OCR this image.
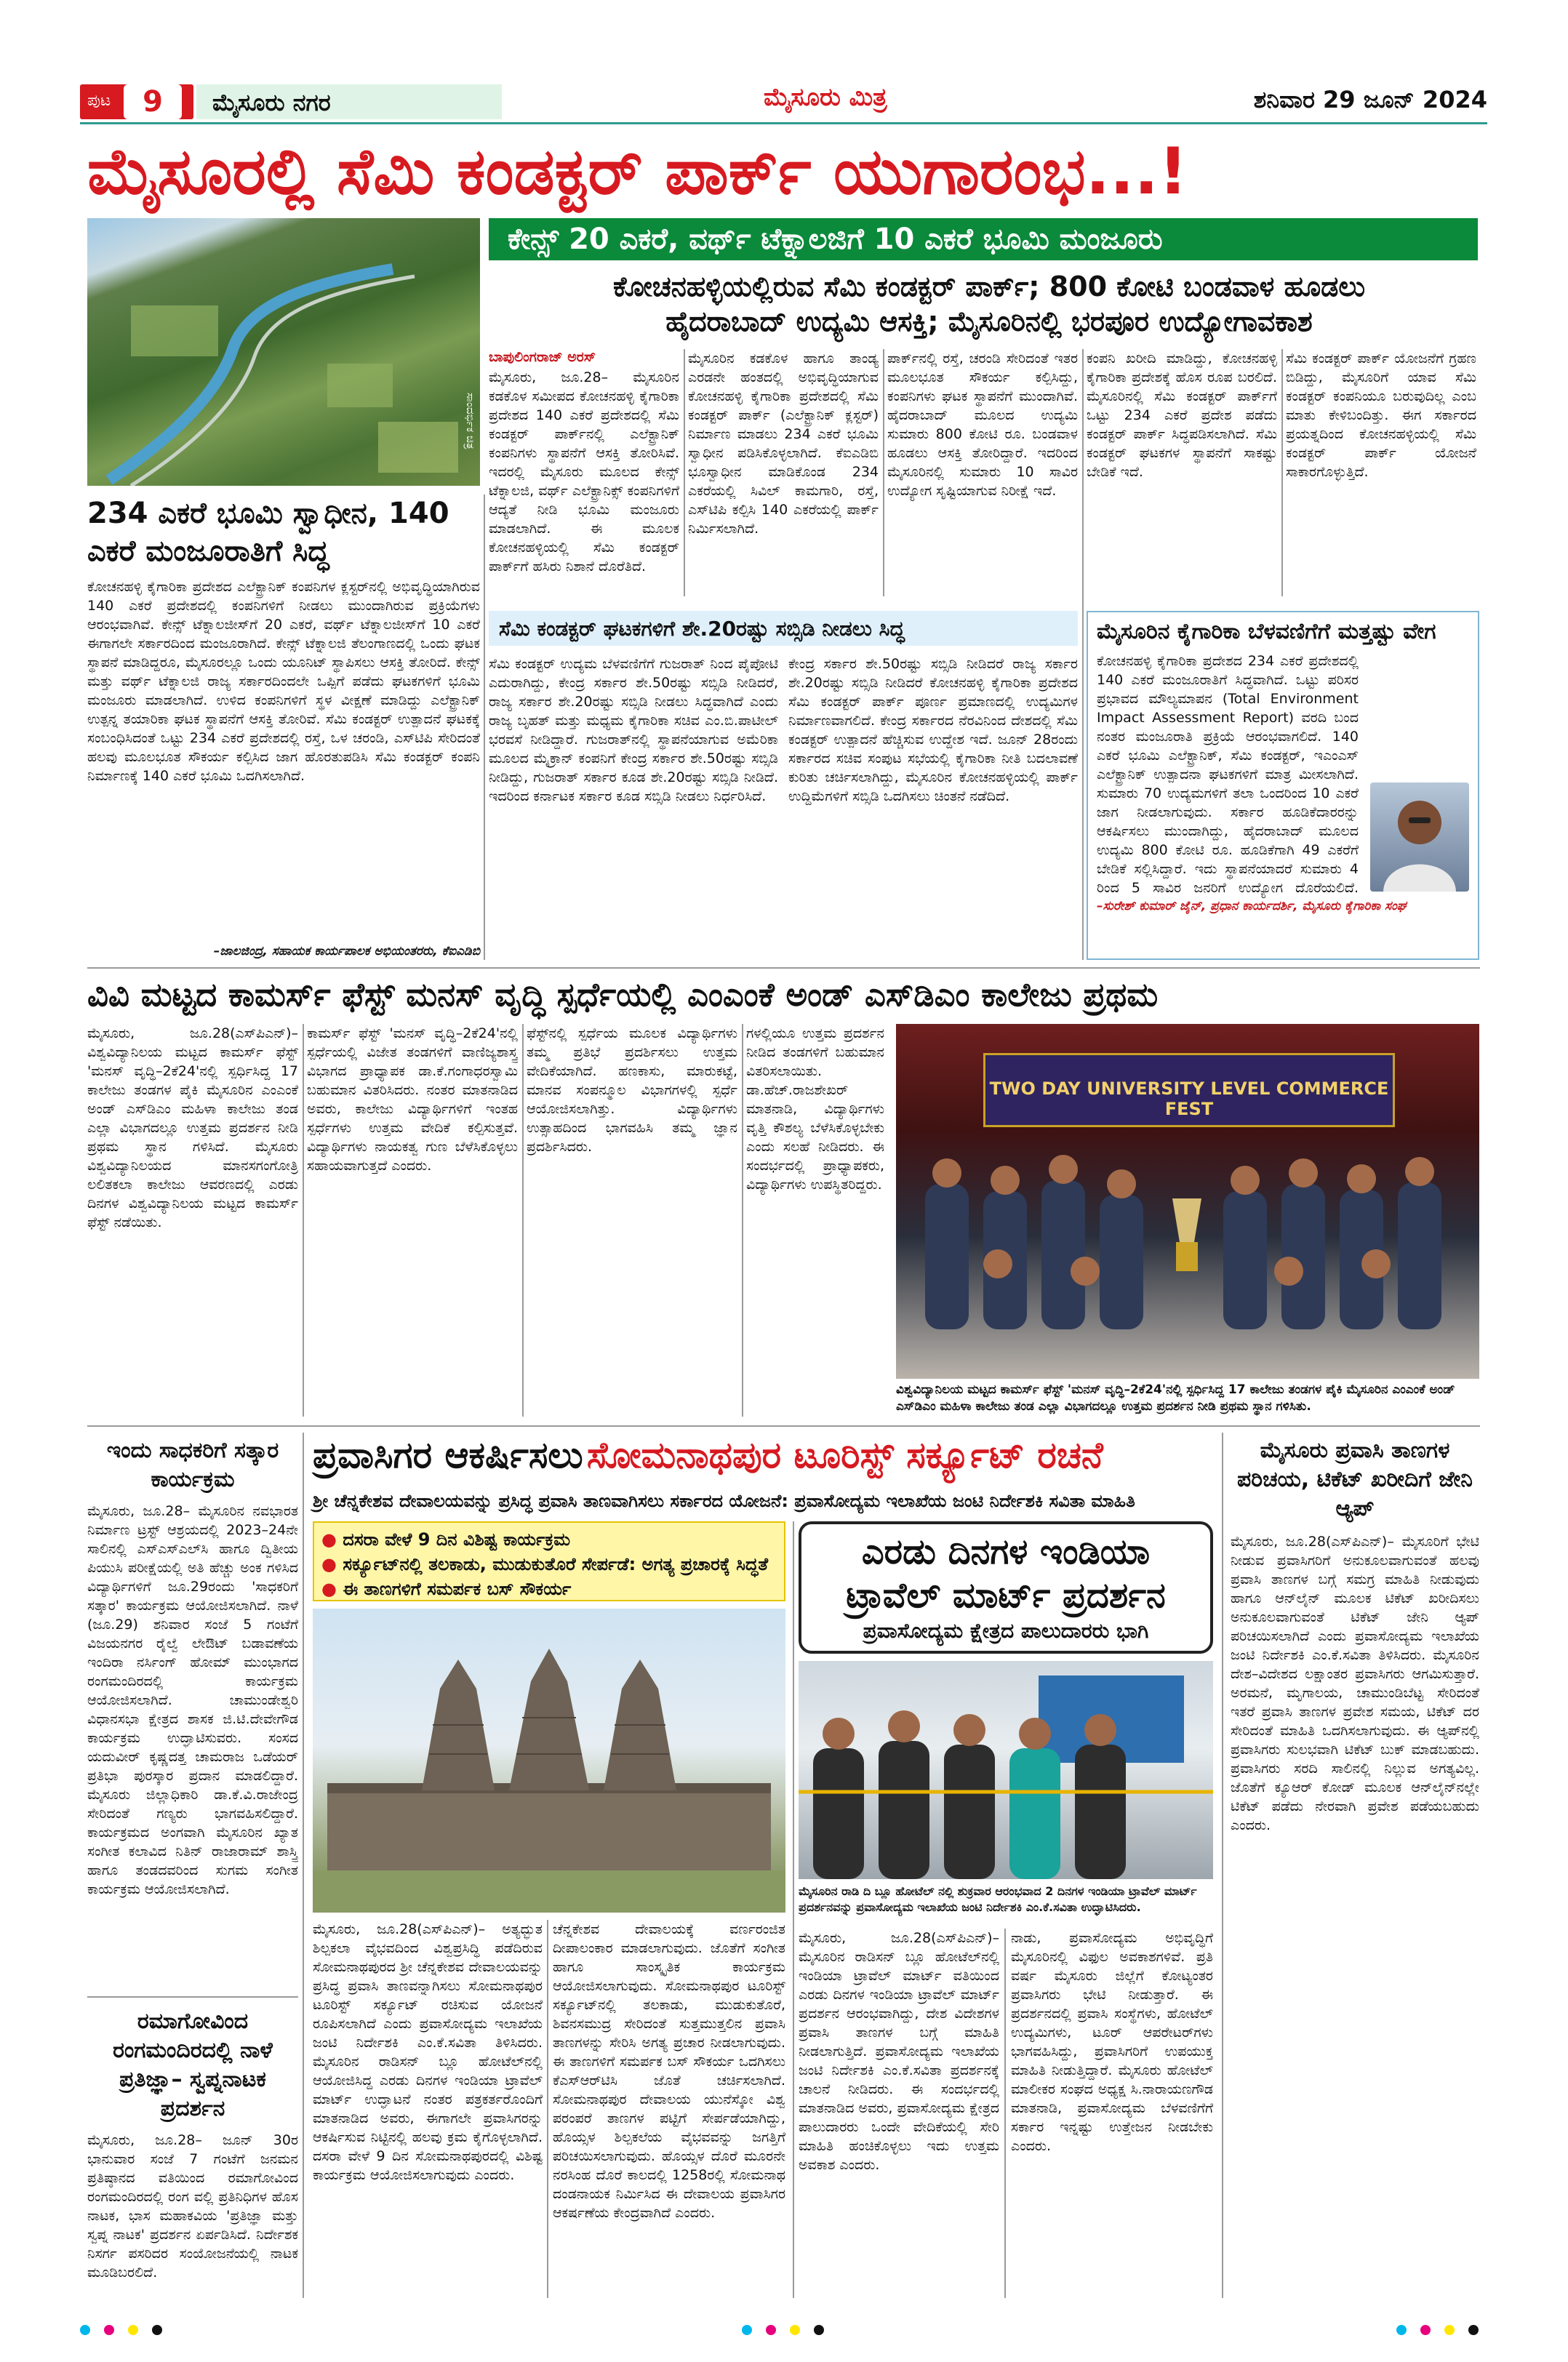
ಪುಟ	9	ಮೈಸೂರು ನಗರ	ಮೈಸೂರು ಮಿತ್ರ	ಶನಿವಾರ 29 ಜೂನ್ 2024
ಮೈಸೂರಲ್ಲಿ ಸೆಮಿ ಕಂಡಕ್ಟರ್ ಪಾರ್ಕ್ ಯುಗಾರಂಭ...!
ಸಾಂದರ್ಭಿಕ ಚಿತ್ರ
ಕೇನ್ಸ್ 20 ಎಕರೆ, ವರ್ಥ್ ಟೆಕ್ನಾಲಜಿಗೆ 10 ಎಕರೆ ಭೂಮಿ ಮಂಜೂರು
ಕೋಚನಹಳ್ಳಿಯಲ್ಲಿರುವ ಸೆಮಿ ಕಂಡಕ್ಟರ್ ಪಾರ್ಕ್; 800 ಕೋಟಿ ಬಂಡವಾಳ ಹೂಡಲು
ಹೈದರಾಬಾದ್ ಉದ್ಯಮಿ ಆಸಕ್ತಿ; ಮೈಸೂರಿನಲ್ಲಿ ಭರಪೂರ ಉದ್ಯೋಗಾವಕಾಶ
ಬಾಪುಲಿಂಗರಾಜ್ ಅರಸ್

ಮೈಸೂರು, ಜೂ.28– ಮೈಸೂರಿನ ಕಡಕೊಳ ಸಮೀಪದ ಕೋಚನಹಳ್ಳಿ ಕೈಗಾರಿಕಾ ಪ್ರದೇಶದ 140 ಎಕರೆ ಪ್ರದೇಶದಲ್ಲಿ ಸೆಮಿ ಕಂಡಕ್ಟರ್ ಪಾರ್ಕ್‌ನಲ್ಲಿ ಎಲೆಕ್ಟ್ರಾನಿಕ್ ಕಂಪನಿಗಳು ಸ್ಥಾಪನೆಗೆ ಆಸಕ್ತಿ ತೋರಿಸಿವೆ. ಇದರಲ್ಲಿ ಮೈಸೂರು ಮೂಲದ ಕೇನ್ಸ್ ಟೆಕ್ನಾಲಜಿ, ವರ್ಥ್ ಎಲೆಕ್ಟ್ರಾನಿಕ್ಸ್ ಕಂಪನಿಗಳಿಗೆ ಆದ್ಯತೆ ನೀಡಿ ಭೂಮಿ ಮಂಜೂರು ಮಾಡಲಾಗಿದೆ. ಈ ಮೂಲಕ ಕೋಚನಹಳ್ಳಿಯಲ್ಲಿ ಸೆಮಿ ಕಂಡಕ್ಟರ್ ಪಾರ್ಕ್‌ಗೆ ಹಸಿರು ನಿಶಾನೆ ದೊರೆತಿದೆ.

ಮೈಸೂರಿನ ಕಡಕೊಳ ಹಾಗೂ ತಾಂಡ್ಯ ಎರಡನೇ ಹಂತದಲ್ಲಿ ಅಭಿವೃದ್ಧಿಯಾಗುವ ಕೋಚನಹಳ್ಳಿ ಕೈಗಾರಿಕಾ ಪ್ರದೇಶದಲ್ಲಿ ಸೆಮಿ ಕಂಡಕ್ಟರ್ ಪಾರ್ಕ್ (ಎಲೆಕ್ಟ್ರಾನಿಕ್ ಕ್ಲಸ್ಟರ್) ನಿರ್ಮಾಣ ಮಾಡಲು 234 ಎಕರೆ ಭೂಮಿ ಸ್ವಾಧೀನ ಪಡಿಸಿಕೊಳ್ಳಲಾಗಿದೆ. ಕೆಐಎಡಿಬಿ ಭೂಸ್ವಾಧೀನ ಮಾಡಿಕೊಂಡ 234 ಎಕರೆಯಲ್ಲಿ ಸಿವಿಲ್ ಕಾಮಗಾರಿ, ರಸ್ತೆ, ಎಸ್‌ಟಿಪಿ ಕಲ್ಪಿಸಿ 140 ಎಕರೆಯಲ್ಲಿ ಪಾರ್ಕ್ ನಿರ್ಮಿಸಲಾಗಿದೆ.

ಪಾರ್ಕ್‌ನಲ್ಲಿ ರಸ್ತೆ, ಚರಂಡಿ ಸೇರಿದಂತೆ ಇತರ ಮೂಲಭೂತ ಸೌಕರ್ಯ ಕಲ್ಪಿಸಿದ್ದು, ಕಂಪನಿಗಳು ಘಟಕ ಸ್ಥಾಪನೆಗೆ ಮುಂದಾಗಿವೆ. ಹೈದರಾಬಾದ್ ಮೂಲದ ಉದ್ಯಮಿ ಸುಮಾರು 800 ಕೋಟಿ ರೂ. ಬಂಡವಾಳ ಹೂಡಲು ಆಸಕ್ತಿ ತೋರಿದ್ದಾರೆ. ಇದರಿಂದ ಮೈಸೂರಿನಲ್ಲಿ ಸುಮಾರು 10 ಸಾವಿರ ಉದ್ಯೋಗ ಸೃಷ್ಟಿಯಾಗುವ ನಿರೀಕ್ಷೆ ಇದೆ.

ಕಂಪನಿ ಖರೀದಿ ಮಾಡಿದ್ದು, ಕೋಚನಹಳ್ಳಿ ಕೈಗಾರಿಕಾ ಪ್ರದೇಶಕ್ಕೆ ಹೊಸ ರೂಪ ಬರಲಿದೆ. ಮೈಸೂರಿನಲ್ಲಿ ಸೆಮಿ ಕಂಡಕ್ಟರ್ ಪಾರ್ಕ್‌ಗೆ ಒಟ್ಟು 234 ಎಕರೆ ಪ್ರದೇಶ ಪಡೆದು ಕಂಡಕ್ಟರ್ ಪಾರ್ಕ್ ಸಿದ್ಧಪಡಿಸಲಾಗಿದೆ. ಸೆಮಿ ಕಂಡಕ್ಟರ್ ಘಟಕಗಳ ಸ್ಥಾಪನೆಗೆ ಸಾಕಷ್ಟು ಬೇಡಿಕೆ ಇದೆ.

ಸೆಮಿ ಕಂಡಕ್ಟರ್ ಪಾರ್ಕ್ ಯೋಜನೆಗೆ ಗ್ರಹಣ ಬಿಡಿದ್ದು, ಮೈಸೂರಿಗೆ ಯಾವ ಸೆಮಿ ಕಂಡಕ್ಟರ್ ಕಂಪನಿಯೂ ಬರುವುದಿಲ್ಲ ಎಂಬ ಮಾತು ಕೇಳಿಬಂದಿತ್ತು. ಈಗ ಸರ್ಕಾರದ ಪ್ರಯತ್ನದಿಂದ ಕೋಚನಹಳ್ಳಿಯಲ್ಲಿ ಸೆಮಿ ಕಂಡಕ್ಟರ್ ಪಾರ್ಕ್ ಯೋಜನೆ ಸಾಕಾರಗೊಳ್ಳುತ್ತಿದೆ.

234 ಎಕರೆ ಭೂಮಿ ಸ್ವಾಧೀನ, 140 ಎಕರೆ ಮಂಜೂರಾತಿಗೆ ಸಿದ್ಧ

ಕೋಚನಹಳ್ಳಿ ಕೈಗಾರಿಕಾ ಪ್ರದೇಶದ ಎಲೆಕ್ಟ್ರಾನಿಕ್ ಕಂಪನಿಗಳ ಕ್ಲಸ್ಟರ್‌ನಲ್ಲಿ ಅಭಿವೃದ್ಧಿಯಾಗಿರುವ 140 ಎಕರೆ ಪ್ರದೇಶದಲ್ಲಿ ಕಂಪನಿಗಳಿಗೆ ನೀಡಲು ಮುಂದಾಗಿರುವ ಪ್ರಕ್ರಿಯೆಗಳು ಆರಂಭವಾಗಿವೆ. ಕೇನ್ಸ್ ಟೆಕ್ನಾಲಜೀಸ್‌ಗೆ 20 ಎಕರೆ, ವರ್ಥ್ ಟೆಕ್ನಾಲಜೀಸ್‌ಗೆ 10 ಎಕರೆ ಈಗಾಗಲೇ ಸರ್ಕಾರದಿಂದ ಮಂಜೂರಾಗಿದೆ. ಕೇನ್ಸ್ ಟೆಕ್ನಾಲಜಿ ತೆಲಂಗಾಣದಲ್ಲಿ ಒಂದು ಘಟಕ ಸ್ಥಾಪನೆ ಮಾಡಿದ್ದರೂ, ಮೈಸೂರಲ್ಲೂ ಒಂದು ಯೂನಿಟ್ ಸ್ಥಾಪಿಸಲು ಆಸಕ್ತಿ ತೋರಿದೆ. ಕೇನ್ಸ್ ಮತ್ತು ವರ್ಥ್ ಟೆಕ್ನಾಲಜಿ ರಾಜ್ಯ ಸರ್ಕಾರದಿಂದಲೇ ಒಪ್ಪಿಗೆ ಪಡೆದು ಘಟಕಗಳಿಗೆ ಭೂಮಿ ಮಂಜೂರು ಮಾಡಲಾಗಿದೆ. ಉಳಿದ ಕಂಪನಿಗಳಿಗೆ ಸ್ಥಳ ವೀಕ್ಷಣೆ ಮಾಡಿದ್ದು ಎಲೆಕ್ಟ್ರಾನಿಕ್ ಉತ್ಪನ್ನ ತಯಾರಿಕಾ ಘಟಕ ಸ್ಥಾಪನೆಗೆ ಆಸಕ್ತಿ ತೋರಿವೆ. ಸೆಮಿ ಕಂಡಕ್ಟರ್ ಉತ್ಪಾದನೆ ಘಟಕಕ್ಕೆ ಸಂಬಂಧಿಸಿದಂತೆ ಒಟ್ಟು 234 ಎಕರೆ ಪ್ರದೇಶದಲ್ಲಿ ರಸ್ತೆ, ಒಳ ಚರಂಡಿ, ಎಸ್‌ಟಿಪಿ ಸೇರಿದಂತೆ ಹಲವು ಮೂಲಭೂತ ಸೌಕರ್ಯ ಕಲ್ಪಿಸಿದ ಜಾಗ ಹೊರತುಪಡಿಸಿ ಸೆಮಿ ಕಂಡಕ್ಟರ್ ಕಂಪನಿ ನಿರ್ಮಾಣಕ್ಕೆ 140 ಎಕರೆ ಭೂಮಿ ಒದಗಿಸಲಾಗಿದೆ.

–ಜಾಲಜಿಂದ್ರ, ಸಹಾಯಕ ಕಾರ್ಯಪಾಲಕ ಅಭಿಯಂತರರು, ಕೆಐಎಡಿಬಿ
ಸೆಮಿ ಕಂಡಕ್ಟರ್ ಘಟಕಗಳಿಗೆ ಶೇ.20ರಷ್ಟು ಸಬ್ಸಿಡಿ ನೀಡಲು ಸಿದ್ಧ

ಸೆಮಿ ಕಂಡಕ್ಟರ್ ಉದ್ಯಮ ಬೆಳವಣಿಗೆಗೆ ಗುಜರಾತ್ ನಿಂದ ಪೈಪೋಟಿ ಎದುರಾಗಿದ್ದು, ಕೇಂದ್ರ ಸರ್ಕಾರ ಶೇ.50ರಷ್ಟು ಸಬ್ಸಿಡಿ ನೀಡಿದರೆ, ರಾಜ್ಯ ಸರ್ಕಾರ ಶೇ.20ರಷ್ಟು ಸಬ್ಸಿಡಿ ನೀಡಲು ಸಿದ್ಧವಾಗಿದೆ ಎಂದು ರಾಜ್ಯ ಬೃಹತ್ ಮತ್ತು ಮಧ್ಯಮ ಕೈಗಾರಿಕಾ ಸಚಿವ ಎಂ.ಬಿ.ಪಾಟೀಲ್ ಭರವಸೆ ನೀಡಿದ್ದಾರೆ. ಗುಜರಾತ್‌ನಲ್ಲಿ ಸ್ಥಾಪನೆಯಾಗುವ ಅಮೆರಿಕಾ ಮೂಲದ ಮೈಕ್ರಾನ್ ಕಂಪನಿಗೆ ಕೇಂದ್ರ ಸರ್ಕಾರ ಶೇ.50ರಷ್ಟು ಸಬ್ಸಿಡಿ ನೀಡಿದ್ದು, ಗುಜರಾತ್ ಸರ್ಕಾರ ಕೂಡ ಶೇ.20ರಷ್ಟು ಸಬ್ಸಿಡಿ ನೀಡಿದೆ. ಇದರಿಂದ ಕರ್ನಾಟಕ ಸರ್ಕಾರ ಕೂಡ ಸಬ್ಸಿಡಿ ನೀಡಲು ನಿರ್ಧರಿಸಿದೆ.

ಕೇಂದ್ರ ಸರ್ಕಾರ ಶೇ.50ರಷ್ಟು ಸಬ್ಸಿಡಿ ನೀಡಿದರೆ ರಾಜ್ಯ ಸರ್ಕಾರ ಶೇ.20ರಷ್ಟು ಸಬ್ಸಿಡಿ ನೀಡಿದರೆ ಕೋಚನಹಳ್ಳಿ ಕೈಗಾರಿಕಾ ಪ್ರದೇಶದ ಸೆಮಿ ಕಂಡಕ್ಟರ್ ಪಾರ್ಕ್ ಪೂರ್ಣ ಪ್ರಮಾಣದಲ್ಲಿ ಉದ್ಯಮಿಗಳ ನಿರ್ಮಾಣವಾಗಲಿದೆ. ಕೇಂದ್ರ ಸರ್ಕಾರದ ನೆರವಿನಿಂದ ದೇಶದಲ್ಲಿ ಸೆಮಿ ಕಂಡಕ್ಟರ್ ಉತ್ಪಾದನೆ ಹೆಚ್ಚಿಸುವ ಉದ್ದೇಶ ಇದೆ. ಜೂನ್ 28ರಂದು ಸರ್ಕಾರದ ಸಚಿವ ಸಂಪುಟ ಸಭೆಯಲ್ಲಿ ಕೈಗಾರಿಕಾ ನೀತಿ ಬದಲಾವಣೆ ಕುರಿತು ಚರ್ಚಿಸಲಾಗಿದ್ದು, ಮೈಸೂರಿನ ಕೋಚನಹಳ್ಳಿಯಲ್ಲಿ ಪಾರ್ಕ್ ಉದ್ದಿಮೆಗಳಿಗೆ ಸಬ್ಸಿಡಿ ಒದಗಿಸಲು ಚಿಂತನೆ ನಡೆದಿದೆ.

ಮೈಸೂರಿನ ಕೈಗಾರಿಕಾ ಬೆಳವಣಿಗೆಗೆ ಮತ್ತಷ್ಟು ವೇಗ

ಕೋಚನಹಳ್ಳಿ ಕೈಗಾರಿಕಾ ಪ್ರದೇಶದ 234 ಎಕರೆ ಪ್ರದೇಶದಲ್ಲಿ 140 ಎಕರೆ ಮಂಜೂರಾತಿಗೆ ಸಿದ್ಧವಾಗಿದೆ. ಒಟ್ಟು ಪರಿಸರ ಪ್ರಭಾವದ ಮೌಲ್ಯಮಾಪನ (Total Environment Impact Assessment Report) ವರದಿ ಬಂದ ನಂತರ ಮಂಜೂರಾತಿ ಪ್ರಕ್ರಿಯೆ ಆರಂಭವಾಗಲಿದೆ. 140 ಎಕರೆ ಭೂಮಿ ಎಲೆಕ್ಟ್ರಾನಿಕ್, ಸೆಮಿ ಕಂಡಕ್ಟರ್, ಇಎಂಎಸ್ ಎಲೆಕ್ಟ್ರಾನಿಕ್ ಉತ್ಪಾದನಾ ಘಟಕಗಳಿಗೆ ಮಾತ್ರ ಮೀಸಲಾಗಿದೆ. ಸುಮಾರು 70 ಉದ್ಯಮಗಳಿಗೆ ತಲಾ ಒಂದರಿಂದ 10 ಎಕರೆ ಜಾಗ ನೀಡಲಾಗುವುದು. ಸರ್ಕಾರ ಹೂಡಿಕೆದಾರರನ್ನು ಆಕರ್ಷಿಸಲು ಮುಂದಾಗಿದ್ದು, ಹೈದರಾಬಾದ್ ಮೂಲದ ಉದ್ಯಮಿ 800 ಕೋಟಿ ರೂ. ಹೂಡಿಕೆಗಾಗಿ 49 ಎಕರೆಗೆ ಬೇಡಿಕೆ ಸಲ್ಲಿಸಿದ್ದಾರೆ. ಇದು ಸ್ಥಾಪನೆಯಾದರೆ ಸುಮಾರು 4 ರಿಂದ 5 ಸಾವಿರ ಜನರಿಗೆ ಉದ್ಯೋಗ ದೊರೆಯಲಿದೆ.

–ಸುರೇಶ್ ಕುಮಾರ್ ಜೈನ್, ಪ್ರಧಾನ ಕಾರ್ಯದರ್ಶಿ, ಮೈಸೂರು ಕೈಗಾರಿಕಾ ಸಂಘ
ವಿವಿ ಮಟ್ಟದ ಕಾಮರ್ಸ್ ಫೆಸ್ಟ್ ಮನಸ್ ವೃದ್ಧಿ ಸ್ಪರ್ಧೆಯಲ್ಲಿ ಎಂಎಂಕೆ ಅಂಡ್ ಎಸ್‌ಡಿಎಂ ಕಾಲೇಜು ಪ್ರಥಮ

ಮೈಸೂರು, ಜೂ.28(ಎಸ್‌ಪಿಎನ್)– ವಿಶ್ವವಿದ್ಯಾನಿಲಯ ಮಟ್ಟದ ಕಾಮರ್ಸ್ ಫೆಸ್ಟ್ 'ಮನಸ್ ವೃದ್ಧಿ–2ಕೆ24'ನಲ್ಲಿ ಸ್ಪರ್ಧಿಸಿದ್ದ 17 ಕಾಲೇಜು ತಂಡಗಳ ಪೈಕಿ ಮೈಸೂರಿನ ಎಂಎಂಕೆ ಅಂಡ್ ಎಸ್‌ಡಿಎಂ ಮಹಿಳಾ ಕಾಲೇಜು ತಂಡ ಎಲ್ಲಾ ವಿಭಾಗದಲ್ಲೂ ಉತ್ತಮ ಪ್ರದರ್ಶನ ನೀಡಿ ಪ್ರಥಮ ಸ್ಥಾನ ಗಳಿಸಿದೆ. ಮೈಸೂರು ವಿಶ್ವವಿದ್ಯಾನಿಲಯದ ಮಾನಸಗಂಗೋತ್ರಿ ಲಲಿತಕಲಾ ಕಾಲೇಜು ಆವರಣದಲ್ಲಿ ಎರಡು ದಿನಗಳ ವಿಶ್ವವಿದ್ಯಾನಿಲಯ ಮಟ್ಟದ ಕಾಮರ್ಸ್ ಫೆಸ್ಟ್ ನಡೆಯಿತು.

ಕಾಮರ್ಸ್ ಫೆಸ್ಟ್ 'ಮನಸ್ ವೃದ್ಧಿ–2ಕೆ24'ನಲ್ಲಿ ಸ್ಪರ್ಧೆಯಲ್ಲಿ ವಿಜೇತ ತಂಡಗಳಿಗೆ ವಾಣಿಜ್ಯಶಾಸ್ತ್ರ ವಿಭಾಗದ ಪ್ರಾಧ್ಯಾಪಕ ಡಾ.ಕೆ.ಗಂಗಾಧರಸ್ವಾಮಿ ಬಹುಮಾನ ವಿತರಿಸಿದರು. ನಂತರ ಮಾತನಾಡಿದ ಅವರು, ಕಾಲೇಜು ವಿದ್ಯಾರ್ಥಿಗಳಿಗೆ ಇಂತಹ ಸ್ಪರ್ಧೆಗಳು ಉತ್ತಮ ವೇದಿಕೆ ಕಲ್ಪಿಸುತ್ತವೆ. ವಿದ್ಯಾರ್ಥಿಗಳು ನಾಯಕತ್ವ ಗುಣ ಬೆಳೆಸಿಕೊಳ್ಳಲು ಸಹಾಯವಾಗುತ್ತದೆ ಎಂದರು.

ಫೆಸ್ಟ್‌ನಲ್ಲಿ ಸ್ಪರ್ಧೆಯ ಮೂಲಕ ವಿದ್ಯಾರ್ಥಿಗಳು ತಮ್ಮ ಪ್ರತಿಭೆ ಪ್ರದರ್ಶಿಸಲು ಉತ್ತಮ ವೇದಿಕೆಯಾಗಿದೆ. ಹಣಕಾಸು, ಮಾರುಕಟ್ಟೆ, ಮಾನವ ಸಂಪನ್ಮೂಲ ವಿಭಾಗಗಳಲ್ಲಿ ಸ್ಪರ್ಧೆ ಆಯೋಜಿಸಲಾಗಿತ್ತು. ವಿದ್ಯಾರ್ಥಿಗಳು ಉತ್ಸಾಹದಿಂದ ಭಾಗವಹಿಸಿ ತಮ್ಮ ಜ್ಞಾನ ಪ್ರದರ್ಶಿಸಿದರು.

ಗಳಲ್ಲಿಯೂ ಉತ್ತಮ ಪ್ರದರ್ಶನ ನೀಡಿದ ತಂಡಗಳಿಗೆ ಬಹುಮಾನ ವಿತರಿಸಲಾಯಿತು. ಡಾ.ಹೆಚ್.ರಾಜಶೇಖರ್ ಮಾತನಾಡಿ, ವಿದ್ಯಾರ್ಥಿಗಳು ವೃತ್ತಿ ಕೌಶಲ್ಯ ಬೆಳೆಸಿಕೊಳ್ಳಬೇಕು ಎಂದು ಸಲಹೆ ನೀಡಿದರು. ಈ ಸಂದರ್ಭದಲ್ಲಿ ಪ್ರಾಧ್ಯಾಪಕರು, ವಿದ್ಯಾರ್ಥಿಗಳು ಉಪಸ್ಥಿತರಿದ್ದರು.

TWO DAY UNIVERSITY LEVEL COMMERCE FEST
ವಿಶ್ವವಿದ್ಯಾನಿಲಯ ಮಟ್ಟದ ಕಾಮರ್ಸ್ ಫೆಸ್ಟ್ 'ಮನಸ್ ವೃದ್ಧಿ–2ಕೆ24'ನಲ್ಲಿ ಸ್ಪರ್ಧಿಸಿದ್ದ 17 ಕಾಲೇಜು ತಂಡಗಳ ಪೈಕಿ ಮೈಸೂರಿನ ಎಂಎಂಕೆ ಅಂಡ್ ಎಸ್‌ಡಿಎಂ ಮಹಿಳಾ ಕಾಲೇಜು ತಂಡ ಎಲ್ಲಾ ವಿಭಾಗದಲ್ಲೂ ಉತ್ತಮ ಪ್ರದರ್ಶನ ನೀಡಿ ಪ್ರಥಮ ಸ್ಥಾನ ಗಳಿಸಿತು.
ಇಂದು ಸಾಧಕರಿಗೆ ಸತ್ಕಾರ ಕಾರ್ಯಕ್ರಮ

ಮೈಸೂರು, ಜೂ.28– ಮೈಸೂರಿನ ನವಭಾರತ ನಿರ್ಮಾಣ ಟ್ರಸ್ಟ್ ಆಶ್ರಯದಲ್ಲಿ 2023–24ನೇ ಸಾಲಿನಲ್ಲಿ ಎಸ್‌ಎಸ್‌ಎಲ್‌ಸಿ ಹಾಗೂ ದ್ವಿತೀಯ ಪಿಯುಸಿ ಪರೀಕ್ಷೆಯಲ್ಲಿ ಅತಿ ಹೆಚ್ಚು ಅಂಕ ಗಳಿಸಿದ ವಿದ್ಯಾರ್ಥಿಗಳಿಗೆ ಜೂ.29ರಂದು 'ಸಾಧಕರಿಗೆ ಸತ್ಕಾರ' ಕಾರ್ಯಕ್ರಮ ಆಯೋಜಿಸಲಾಗಿದೆ. ನಾಳೆ (ಜೂ.29) ಶನಿವಾರ ಸಂಜೆ 5 ಗಂಟೆಗೆ ವಿಜಯನಗರ ರೈಲ್ವೆ ಲೇಔಟ್ ಬಡಾವಣೆಯ ಇಂದಿರಾ ನರ್ಸಿಂಗ್ ಹೋಮ್ ಮುಂಭಾಗದ ರಂಗಮಂದಿರದಲ್ಲಿ ಕಾರ್ಯಕ್ರಮ ಆಯೋಜಿಸಲಾಗಿದೆ. ಚಾಮುಂಡೇಶ್ವರಿ ವಿಧಾನಸಭಾ ಕ್ಷೇತ್ರದ ಶಾಸಕ ಜಿ.ಟಿ.ದೇವೇಗೌಡ ಕಾರ್ಯಕ್ರಮ ಉದ್ಘಾಟಿಸುವರು. ಸಂಸದ ಯದುವೀರ್ ಕೃಷ್ಣದತ್ತ ಚಾಮರಾಜ ಒಡೆಯರ್ ಪ್ರತಿಭಾ ಪುರಸ್ಕಾರ ಪ್ರದಾನ ಮಾಡಲಿದ್ದಾರೆ. ಮೈಸೂರು ಜಿಲ್ಲಾಧಿಕಾರಿ ಡಾ.ಕೆ.ವಿ.ರಾಜೇಂದ್ರ ಸೇರಿದಂತೆ ಗಣ್ಯರು ಭಾಗವಹಿಸಲಿದ್ದಾರೆ. ಕಾರ್ಯಕ್ರಮದ ಅಂಗವಾಗಿ ಮೈಸೂರಿನ ಖ್ಯಾತ ಸಂಗೀತ ಕಲಾವಿದ ನಿತಿನ್ ರಾಜಾರಾಮ್ ಶಾಸ್ತ್ರಿ ಹಾಗೂ ತಂಡದವರಿಂದ ಸುಗಮ ಸಂಗೀತ ಕಾರ್ಯಕ್ರಮ ಆಯೋಜಿಸಲಾಗಿದೆ.

ರಮಾಗೋವಿಂದ ರಂಗಮಂದಿರದಲ್ಲಿ ನಾಳೆ ಪ್ರತಿಜ್ಞಾ– ಸ್ವಪ್ನನಾಟಕ ಪ್ರದರ್ಶನ

ಮೈಸೂರು, ಜೂ.28– ಜೂನ್ 30ರ ಭಾನುವಾರ ಸಂಜೆ 7 ಗಂಟೆಗೆ ಜನಮನ ಪ್ರತಿಷ್ಠಾನದ ವತಿಯಿಂದ ರಮಾಗೋವಿಂದ ರಂಗಮಂದಿರದಲ್ಲಿ ರಂಗ ವಲ್ಲಿ ಪ್ರತಿನಿಧಿಗಳ ಹೊಸ ನಾಟಕ, ಭಾಸ ಮಹಾಕವಿಯ 'ಪ್ರತಿಜ್ಞಾ ಮತ್ತು ಸ್ವಪ್ನ ನಾಟಕ' ಪ್ರದರ್ಶನ ಏರ್ಪಡಿಸಿದೆ. ನಿರ್ದೇಶಕ ನಿಸರ್ಗ ಪಸರಿದರ ಸಂಯೋಜನೆಯಲ್ಲಿ ನಾಟಕ ಮೂಡಿಬರಲಿದೆ.

ಪ್ರವಾಸಿಗರ ಆಕರ್ಷಿಸಲು ಸೋಮನಾಥಪುರ ಟೂರಿಸ್ಟ್ ಸರ್ಕ್ಯೂಟ್ ರಚನೆ
ಶ್ರೀ ಚೆನ್ನಕೇಶವ ದೇವಾಲಯವನ್ನು ಪ್ರಸಿದ್ಧ ಪ್ರವಾಸಿ ತಾಣವಾಗಿಸಲು ಸರ್ಕಾರದ ಯೋಜನೆ: ಪ್ರವಾಸೋದ್ಯಮ ಇಲಾಖೆಯ ಜಂಟಿ ನಿರ್ದೇಶಕಿ ಸವಿತಾ ಮಾಹಿತಿ
● ದಸರಾ ವೇಳೆ 9 ದಿನ ವಿಶಿಷ್ಟ ಕಾರ್ಯಕ್ರಮ
● ಸರ್ಕ್ಯೂಟ್‌ನಲ್ಲಿ ತಲಕಾಡು, ಮುಡುಕುತೊರೆ ಸೇರ್ಪಡೆ: ಅಗತ್ಯ ಪ್ರಚಾರಕ್ಕೆ ಸಿದ್ಧತೆ
● ಈ ತಾಣಗಳಿಗೆ ಸಮರ್ಪಕ ಬಸ್ ಸೌಕರ್ಯ

ಮೈಸೂರು, ಜೂ.28(ಎಸ್‌ಪಿಎನ್)– ಅತ್ಯದ್ಭುತ ಶಿಲ್ಪಕಲಾ ವೈಭವದಿಂದ ವಿಶ್ವಪ್ರಸಿದ್ಧಿ ಪಡೆದಿರುವ ಸೋಮನಾಥಪುರದ ಶ್ರೀ ಚೆನ್ನಕೇಶವ ದೇವಾಲಯವನ್ನು ಪ್ರಸಿದ್ಧ ಪ್ರವಾಸಿ ತಾಣವನ್ನಾಗಿಸಲು ಸೋಮನಾಥಪುರ ಟೂರಿಸ್ಟ್ ಸರ್ಕ್ಯೂಟ್ ರಚಿಸುವ ಯೋಜನೆ ರೂಪಿಸಲಾಗಿದೆ ಎಂದು ಪ್ರವಾಸೋದ್ಯಮ ಇಲಾಖೆಯ ಜಂಟಿ ನಿರ್ದೇಶಕಿ ಎಂ.ಕೆ.ಸವಿತಾ ತಿಳಿಸಿದರು. ಮೈಸೂರಿನ ರಾಡಿಸನ್ ಬ್ಲೂ ಹೋಟೆಲ್‌ನಲ್ಲಿ ಆಯೋಜಿಸಿದ್ದ ಎರಡು ದಿನಗಳ ಇಂಡಿಯಾ ಟ್ರಾವೆಲ್ ಮಾರ್ಟ್ ಉದ್ಘಾಟನೆ ನಂತರ ಪತ್ರಕರ್ತರೊಂದಿಗೆ ಮಾತನಾಡಿದ ಅವರು, ಈಗಾಗಲೇ ಪ್ರವಾಸಿಗರನ್ನು ಆಕರ್ಷಿಸುವ ನಿಟ್ಟಿನಲ್ಲಿ ಹಲವು ಕ್ರಮ ಕೈಗೊಳ್ಳಲಾಗಿದೆ. ದಸರಾ ವೇಳೆ 9 ದಿನ ಸೋಮನಾಥಪುರದಲ್ಲಿ ವಿಶಿಷ್ಟ ಕಾರ್ಯಕ್ರಮ ಆಯೋಜಿಸಲಾಗುವುದು ಎಂದರು.

ಚೆನ್ನಕೇಶವ ದೇವಾಲಯಕ್ಕೆ ವರ್ಣರಂಜಿತ ದೀಪಾಲಂಕಾರ ಮಾಡಲಾಗುವುದು. ಜೊತೆಗೆ ಸಂಗೀತ ಹಾಗೂ ಸಾಂಸ್ಕೃತಿಕ ಕಾರ್ಯಕ್ರಮ ಆಯೋಜಿಸಲಾಗುವುದು. ಸೋಮನಾಥಪುರ ಟೂರಿಸ್ಟ್ ಸರ್ಕ್ಯೂಟ್‌ನಲ್ಲಿ ತಲಕಾಡು, ಮುಡುಕುತೊರೆ, ಶಿವನಸಮುದ್ರ ಸೇರಿದಂತೆ ಸುತ್ತಮುತ್ತಲಿನ ಪ್ರವಾಸಿ ತಾಣಗಳನ್ನು ಸೇರಿಸಿ ಅಗತ್ಯ ಪ್ರಚಾರ ನೀಡಲಾಗುವುದು. ಈ ತಾಣಗಳಿಗೆ ಸಮರ್ಪಕ ಬಸ್ ಸೌಕರ್ಯ ಒದಗಿಸಲು ಕೆಎಸ್‌ಆರ್‌ಟಿಸಿ ಜೊತೆ ಚರ್ಚಿಸಲಾಗಿದೆ. ಸೋಮನಾಥಪುರ ದೇವಾಲಯ ಯುನೆಸ್ಕೋ ವಿಶ್ವ ಪರಂಪರೆ ತಾಣಗಳ ಪಟ್ಟಿಗೆ ಸೇರ್ಪಡೆಯಾಗಿದ್ದು, ಹೊಯ್ಸಳ ಶಿಲ್ಪಕಲೆಯ ವೈಭವವನ್ನು ಜಗತ್ತಿಗೆ ಪರಿಚಯಿಸಲಾಗುವುದು. ಹೊಯ್ಸಳ ದೊರೆ ಮೂರನೇ ನರಸಿಂಹ ದೊರೆ ಕಾಲದಲ್ಲಿ 1258ರಲ್ಲಿ ಸೋಮನಾಥ ದಂಡನಾಯಕ ನಿರ್ಮಿಸಿದ ಈ ದೇವಾಲಯ ಪ್ರವಾಸಿಗರ ಆಕರ್ಷಣೆಯ ಕೇಂದ್ರವಾಗಿದೆ ಎಂದರು.

ಎರಡು ದಿನಗಳ ಇಂಡಿಯಾ
ಟ್ರಾವೆಲ್ ಮಾರ್ಟ್ ಪ್ರದರ್ಶನ
ಪ್ರವಾಸೋದ್ಯಮ ಕ್ಷೇತ್ರದ ಪಾಲುದಾರರು ಭಾಗಿ
ಮೈಸೂರಿನ ರಾಡಿ ದಿ ಬ್ಲೂ ಹೋಟೆಲ್ ನಲ್ಲಿ ಶುಕ್ರವಾರ ಆರಂಭವಾದ 2 ದಿನಗಳ ಇಂಡಿಯಾ ಟ್ರಾವೆಲ್ ಮಾರ್ಟ್ ಪ್ರದರ್ಶನವನ್ನು ಪ್ರವಾಸೋದ್ಯಮ ಇಲಾಖೆಯ ಜಂಟಿ ನಿರ್ದೇಶಕಿ ಎಂ.ಕೆ.ಸವಿತಾ ಉದ್ಘಾಟಿಸಿದರು.

ಮೈಸೂರು, ಜೂ.28(ಎಸ್‌ಪಿಎನ್)– ಮೈಸೂರಿನ ರಾಡಿಸನ್ ಬ್ಲೂ ಹೋಟೆಲ್‌ನಲ್ಲಿ ಇಂಡಿಯಾ ಟ್ರಾವೆಲ್ ಮಾರ್ಟ್ ವತಿಯಿಂದ ಎರಡು ದಿನಗಳ ಇಂಡಿಯಾ ಟ್ರಾವೆಲ್ ಮಾರ್ಟ್ ಪ್ರದರ್ಶನ ಆರಂಭವಾಗಿದ್ದು, ದೇಶ ವಿದೇಶಗಳ ಪ್ರವಾಸಿ ತಾಣಗಳ ಬಗ್ಗೆ ಮಾಹಿತಿ ನೀಡಲಾಗುತ್ತಿದೆ. ಪ್ರವಾಸೋದ್ಯಮ ಇಲಾಖೆಯ ಜಂಟಿ ನಿರ್ದೇಶಕಿ ಎಂ.ಕೆ.ಸವಿತಾ ಪ್ರದರ್ಶನಕ್ಕೆ ಚಾಲನೆ ನೀಡಿದರು. ಈ ಸಂದರ್ಭದಲ್ಲಿ ಮಾತನಾಡಿದ ಅವರು, ಪ್ರವಾಸೋದ್ಯಮ ಕ್ಷೇತ್ರದ ಪಾಲುದಾರರು ಒಂದೇ ವೇದಿಕೆಯಲ್ಲಿ ಸೇರಿ ಮಾಹಿತಿ ಹಂಚಿಕೊಳ್ಳಲು ಇದು ಉತ್ತಮ ಅವಕಾಶ ಎಂದರು.

ನಾಡು, ಪ್ರವಾಸೋದ್ಯಮ ಅಭಿವೃದ್ಧಿಗೆ ಮೈಸೂರಿನಲ್ಲಿ ವಿಫುಲ ಅವಕಾಶಗಳಿವೆ. ಪ್ರತಿ ವರ್ಷ ಮೈಸೂರು ಜಿಲ್ಲೆಗೆ ಕೋಟ್ಯಂತರ ಪ್ರವಾಸಿಗರು ಭೇಟಿ ನೀಡುತ್ತಾರೆ. ಈ ಪ್ರದರ್ಶನದಲ್ಲಿ ಪ್ರವಾಸಿ ಸಂಸ್ಥೆಗಳು, ಹೋಟೆಲ್ ಉದ್ಯಮಿಗಳು, ಟೂರ್ ಆಪರೇಟರ್‌ಗಳು ಭಾಗವಹಿಸಿದ್ದು, ಪ್ರವಾಸಿಗರಿಗೆ ಉಪಯುಕ್ತ ಮಾಹಿತಿ ನೀಡುತ್ತಿದ್ದಾರೆ. ಮೈಸೂರು ಹೋಟೆಲ್ ಮಾಲೀಕರ ಸಂಘದ ಅಧ್ಯಕ್ಷ ಸಿ.ನಾರಾಯಣಗೌಡ ಮಾತನಾಡಿ, ಪ್ರವಾಸೋದ್ಯಮ ಬೆಳವಣಿಗೆಗೆ ಸರ್ಕಾರ ಇನ್ನಷ್ಟು ಉತ್ತೇಜನ ನೀಡಬೇಕು ಎಂದರು.

ಮೈಸೂರು ಪ್ರವಾಸಿ ತಾಣಗಳ ಪರಿಚಯ, ಟಿಕೆಟ್ ಖರೀದಿಗೆ ಜೇನಿ ಆ್ಯಪ್

ಮೈಸೂರು, ಜೂ.28(ಎಸ್‌ಪಿಎನ್)– ಮೈಸೂರಿಗೆ ಭೇಟಿ ನೀಡುವ ಪ್ರವಾಸಿಗರಿಗೆ ಅನುಕೂಲವಾಗುವಂತೆ ಹಲವು ಪ್ರವಾಸಿ ತಾಣಗಳ ಬಗ್ಗೆ ಸಮಗ್ರ ಮಾಹಿತಿ ನೀಡುವುದು ಹಾಗೂ ಆನ್‌ಲೈನ್ ಮೂಲಕ ಟಿಕೆಟ್ ಖರೀದಿಸಲು ಅನುಕೂಲವಾಗುವಂತೆ ಟಿಕೆಟ್ ಜೇನಿ ಆ್ಯಪ್ ಪರಿಚಯಿಸಲಾಗಿದೆ ಎಂದು ಪ್ರವಾಸೋದ್ಯಮ ಇಲಾಖೆಯ ಜಂಟಿ ನಿರ್ದೇಶಕಿ ಎಂ.ಕೆ.ಸವಿತಾ ತಿಳಿಸಿದರು. ಮೈಸೂರಿನ ದೇಶ–ವಿದೇಶದ ಲಕ್ಷಾಂತರ ಪ್ರವಾಸಿಗರು ಆಗಮಿಸುತ್ತಾರೆ. ಅರಮನೆ, ಮೃಗಾಲಯ, ಚಾಮುಂಡಿಬೆಟ್ಟ ಸೇರಿದಂತೆ ಇತರೆ ಪ್ರವಾಸಿ ತಾಣಗಳ ಪ್ರವೇಶ ಸಮಯ, ಟಿಕೆಟ್ ದರ ಸೇರಿದಂತೆ ಮಾಹಿತಿ ಒದಗಿಸಲಾಗುವುದು. ಈ ಆ್ಯಪ್‌ನಲ್ಲಿ ಪ್ರವಾಸಿಗರು ಸುಲಭವಾಗಿ ಟಿಕೆಟ್ ಬುಕ್ ಮಾಡಬಹುದು. ಪ್ರವಾಸಿಗರು ಸರದಿ ಸಾಲಿನಲ್ಲಿ ನಿಲ್ಲುವ ಅಗತ್ಯವಿಲ್ಲ. ಜೊತೆಗೆ ಕ್ಯೂಆರ್ ಕೋಡ್ ಮೂಲಕ ಆನ್‌ಲೈನ್‌ನಲ್ಲೇ ಟಿಕೆಟ್ ಪಡೆದು ನೇರವಾಗಿ ಪ್ರವೇಶ ಪಡೆಯಬಹುದು ಎಂದರು.
